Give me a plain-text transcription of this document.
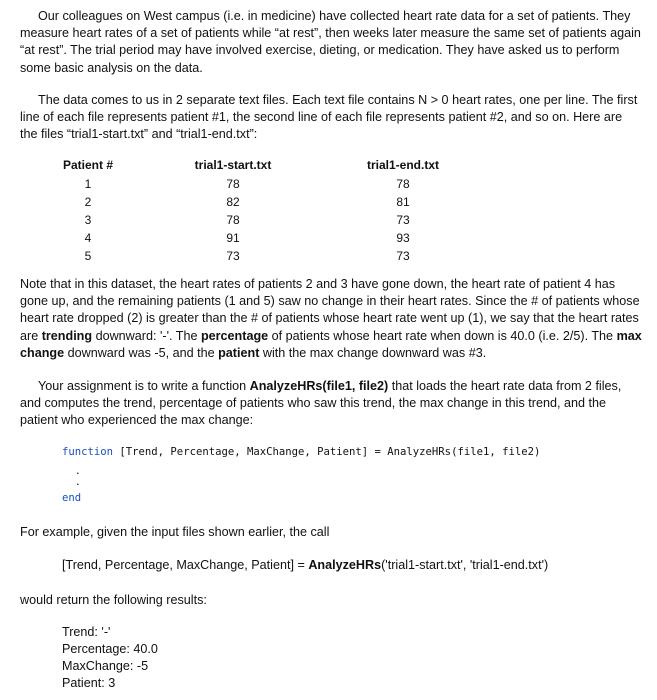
Our colleagues on West campus (i.e. in medicine) have collected heart rate data for a set of patients. They measure heart rates of a set of patients while “at rest”, then weeks later measure the same set of patients again “at rest”. The trial period may have involved exercise, dieting, or medication. They have asked us to perform some basic analysis on the data.

The data comes to us in 2 separate text files. Each text file contains N > 0 heart rates, one per line. The first line of each file represents patient #1, the second line of each file represents patient #2, and so on. Here are the files “trial1-start.txt” and “trial1-end.txt”:

Patient #	trial1-start.txt	trial1-end.txt
1	78	78
2	82	81
3	78	73
4	91	93
5	73	73

Note that in this dataset, the heart rates of patients 2 and 3 have gone down, the heart rate of patient 4 has gone up, and the remaining patients (1 and 5) saw no change in their heart rates. Since the # of patients whose heart rate dropped (2) is greater than the # of patients whose heart rate went up (1), we say that the heart rates are trending downward: '-'. The percentage of patients whose heart rate when down is 40.0 (i.e. 2/5). The max change downward was -5, and the patient with the max change downward was #3.

Your assignment is to write a function AnalyzeHRs(file1, file2) that loads the heart rate data from 2 files, and computes the trend, percentage of patients who saw this trend, the max change in this trend, and the patient who experienced the max change:

function [Trend, Percentage, MaxChange, Patient] = AnalyzeHRs(file1, file2)
.
.
end

For example, given the input files shown earlier, the call

[Trend, Percentage, MaxChange, Patient] = AnalyzeHRs('trial1-start.txt', 'trial1-end.txt')

would return the following results:

Trend: '-'
Percentage: 40.0
MaxChange: -5
Patient: 3
